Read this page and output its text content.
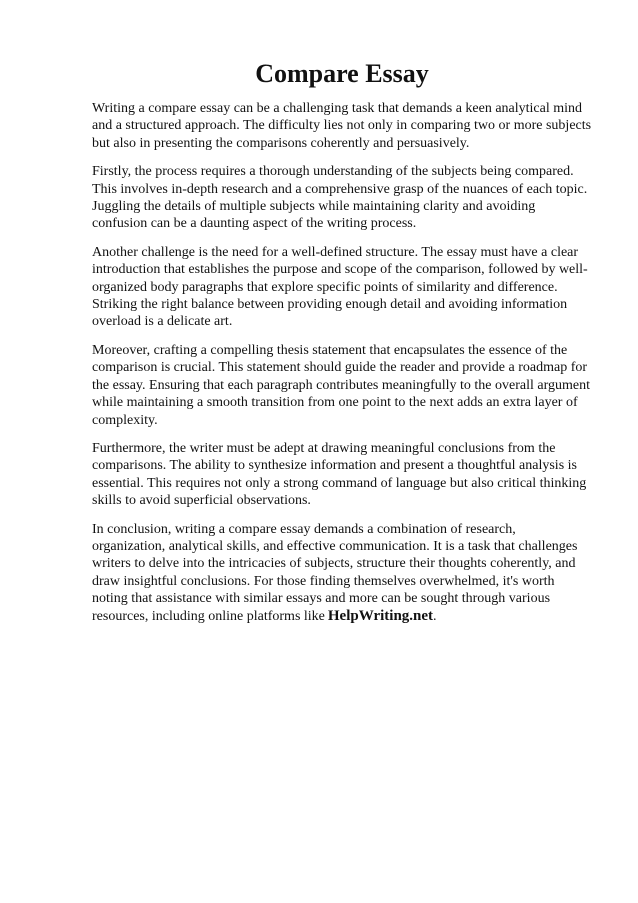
Compare Essay

Writing a compare essay can be a challenging task that demands a keen analytical mind and a structured approach. The difficulty lies not only in comparing two or more subjects but also in presenting the comparisons coherently and persuasively.

Firstly, the process requires a thorough understanding of the subjects being compared. This involves in-depth research and a comprehensive grasp of the nuances of each topic. Juggling the details of multiple subjects while maintaining clarity and avoiding confusion can be a daunting aspect of the writing process.

Another challenge is the need for a well-defined structure. The essay must have a clear introduction that establishes the purpose and scope of the comparison, followed by well-organized body paragraphs that explore specific points of similarity and difference. Striking the right balance between providing enough detail and avoiding information overload is a delicate art.

Moreover, crafting a compelling thesis statement that encapsulates the essence of the comparison is crucial. This statement should guide the reader and provide a roadmap for the essay. Ensuring that each paragraph contributes meaningfully to the overall argument while maintaining a smooth transition from one point to the next adds an extra layer of complexity.

Furthermore, the writer must be adept at drawing meaningful conclusions from the comparisons. The ability to synthesize information and present a thoughtful analysis is essential. This requires not only a strong command of language but also critical thinking skills to avoid superficial observations.

In conclusion, writing a compare essay demands a combination of research, organization, analytical skills, and effective communication. It is a task that challenges writers to delve into the intricacies of subjects, structure their thoughts coherently, and draw insightful conclusions. For those finding themselves overwhelmed, it's worth noting that assistance with similar essays and more can be sought through various resources, including online platforms like HelpWriting.net.
